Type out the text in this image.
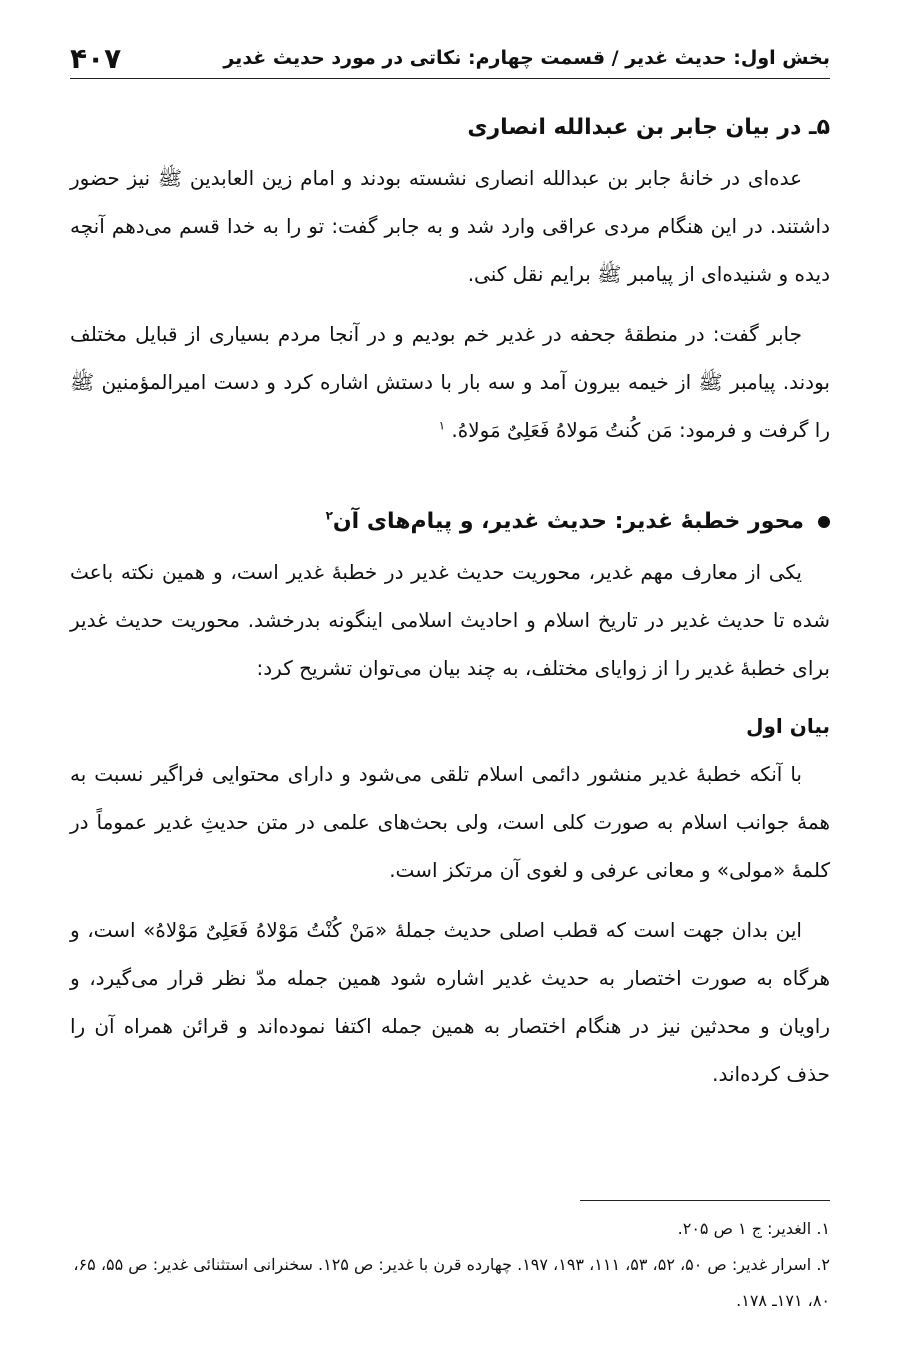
بخش اول: حدیث غدیر / قسمت چهارم: نکاتی در مورد حدیث غدیر
۴۰۷
۵ـ در بیان جابر بن عبدالله انصاری

عده‌ای در خانهٔ جابر بن عبدالله انصاری نشسته بودند و امام زین العابدین ﷺ نیز حضور داشتند. در این هنگام مردی عراقی وارد شد و به جابر گفت: تو را به خدا قسم می‌دهم آنچه دیده و شنیده‌ای از پیامبر ﷺ برایم نقل کنی.

جابر گفت: در منطقهٔ جحفه در غدیر خم بودیم و در آنجا مردم بسیاری از قبایل مختلف بودند. پیامبر ﷺ از خیمه بیرون آمد و سه بار با دستش اشاره کرد و دست امیرالمؤمنین ﷺ را گرفت و فرمود: مَن کُنتُ مَولاهُ فَعَلِیٌ مَولاهُ. $^۱$

محور خطبهٔ غدیر: حدیث غدیر، و پیام‌های آن$^۲$

یکی از معارف مهم غدیر، محوریت حدیث غدیر در خطبهٔ غدیر است، و همین نکته باعث شده تا حدیث غدیر در تاریخ اسلام و احادیث اسلامی اینگونه بدرخشد. محوریت حدیث غدیر برای خطبهٔ غدیر را از زوایای مختلف، به چند بیان می‌توان تشریح کرد:

بیان اول

با آنکه خطبهٔ غدیر منشور دائمی اسلام تلقی می‌شود و دارای محتوایی فراگیر نسبت به همهٔ جوانب اسلام به صورت کلی است، ولی بحث‌های علمی در متن حدیثِ غدیر عموماً در کلمهٔ «مولی» و معانی عرفی و لغوی آن مرتکز است.

این بدان جهت است که قطب اصلی حدیث جملهٔ «مَنْ کُنْتُ مَوْلاهُ فَعَلِیٌ مَوْلاهُ» است، و هرگاه به صورت اختصار به حدیث غدیر اشاره شود همین جمله مدّ نظر قرار می‌گیرد، و راویان و محدثین نیز در هنگام اختصار به همین جمله اکتفا نموده‌اند و قرائن همراه آن را حذف کرده‌اند.

۱. الغدیر: ج ۱ ص ۲۰۵.

۲. اسرار غدیر: ص ۵۰، ۵۲، ۵۳، ۱۱۱، ۱۹۳، ۱۹۷. چهارده قرن با غدیر: ص ۱۲۵. سخنرانی استثنائی غدیر: ص ۵۵، ۶۵، ۸۰، ۱۷۱ـ ۱۷۸.
